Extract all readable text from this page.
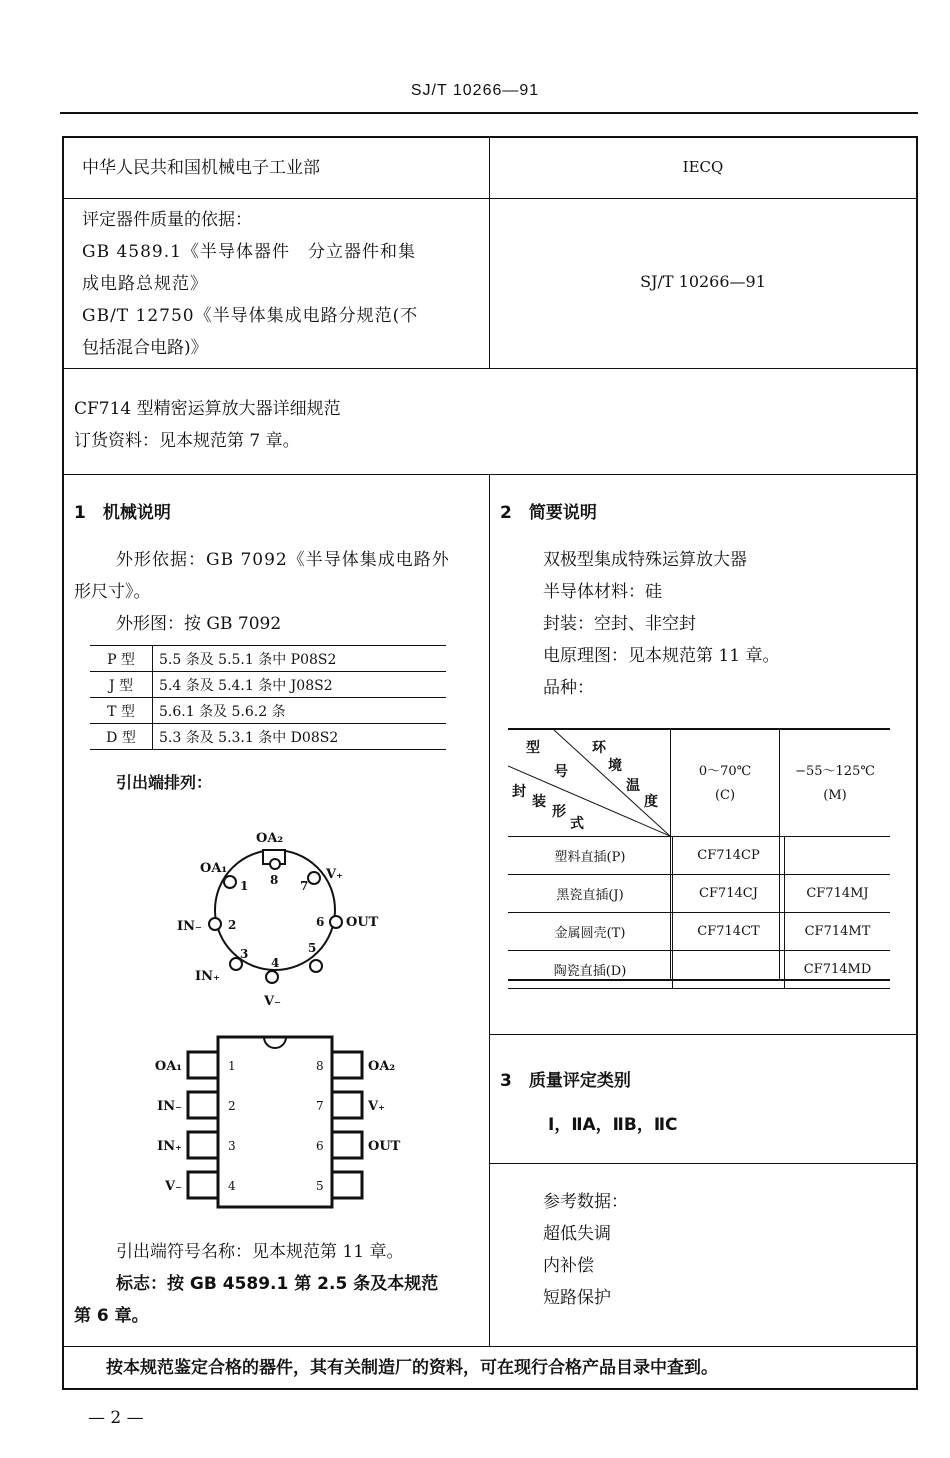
SJ/T 10266—91
中华人民共和国机械电子工业部	IECQ
评定器件质量的依据：
GB 4589.1《半导体器件　分立器件和集
成电路总规范》
GB/T 12750《半导体集成电路分规范(不
包括混合电路)》
SJ/T 10266—91
CF714 型精密运算放大器详细规范
订货资料：见本规范第 7 章。
1　机械说明
外形依据：GB 7092《半导体集成电路外
形尺寸》。
外形图：按 GB 7092
P 型	5.5 条及 5.5.1 条中 P08S2
J 型	5.4 条及 5.4.1 条中 J08S2
T 型	5.6.1 条及 5.6.2 条
D 型	5.3 条及 5.3.1 条中 D08S2
引出端排列：
OA₂
OA₁	V₊
IN₋	OUT
IN₊
V₋
1
2
3
4
5
6
7
8
OA₁
IN₋
IN₊
V₋
OA₂
V₊
OUT
1
2
3
4
8
7
6
5
引出端符号名称：见本规范第 11 章。
标志：按 GB 4589.1 第 2.5 条及本规范
第 6 章。
2　简要说明
双极型集成特殊运算放大器
半导体材料：硅
封装：空封、非空封
电原理图：见本规范第 11 章。
品种：
型
号
环
境
温
度
封
装
形
式
0～70℃
(C)
−55～125℃
(M)
塑料直插(P)	CF714CP	
黑瓷直插(J)	CF714CJ	CF714MJ
金属圆壳(T)	CF714CT	CF714MT
陶瓷直插(D)		CF714MD
3　质量评定类别
Ⅰ，ⅡA，ⅡB，ⅡC
参考数据：
超低失调
内补偿
短路保护
按本规范鉴定合格的器件，其有关制造厂的资料，可在现行合格产品目录中查到。
— 2 —
